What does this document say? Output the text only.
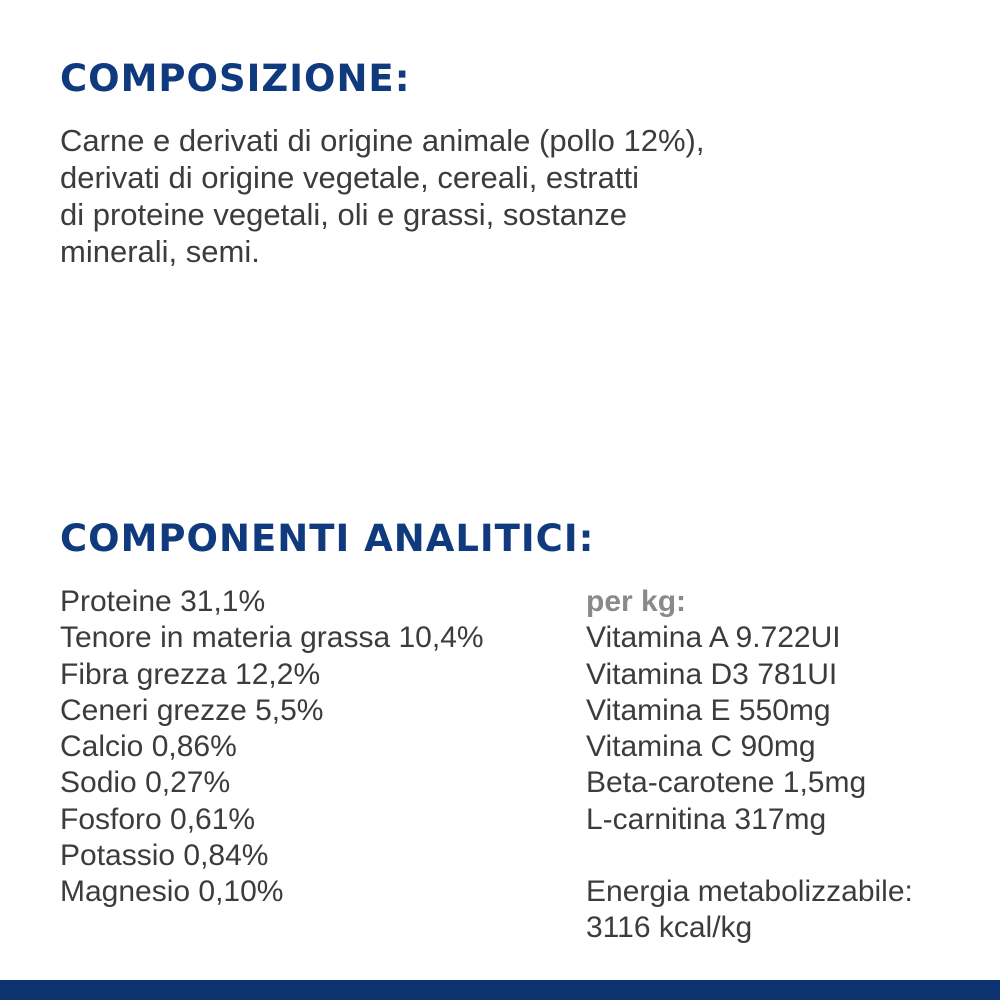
COMPOSIZIONE:

Carne e derivati di origine animale (pollo 12%),
derivati di origine vegetale, cereali, estratti
di proteine vegetali, oli e grassi, sostanze
minerali, semi.

COMPONENTI ANALITICI:
Proteine 31,1%
Tenore in materia grassa 10,4%
Fibra grezza 12,2%
Ceneri grezze 5,5%
Calcio 0,86%
Sodio 0,27%
Fosforo 0,61%
Potassio 0,84%
Magnesio 0,10%
per kg:
Vitamina A 9.722UI
Vitamina D3 781UI
Vitamina E 550mg
Vitamina C 90mg
Beta-carotene 1,5mg
L-carnitina 317mg
Energia metabolizzabile:
3116 kcal/kg
